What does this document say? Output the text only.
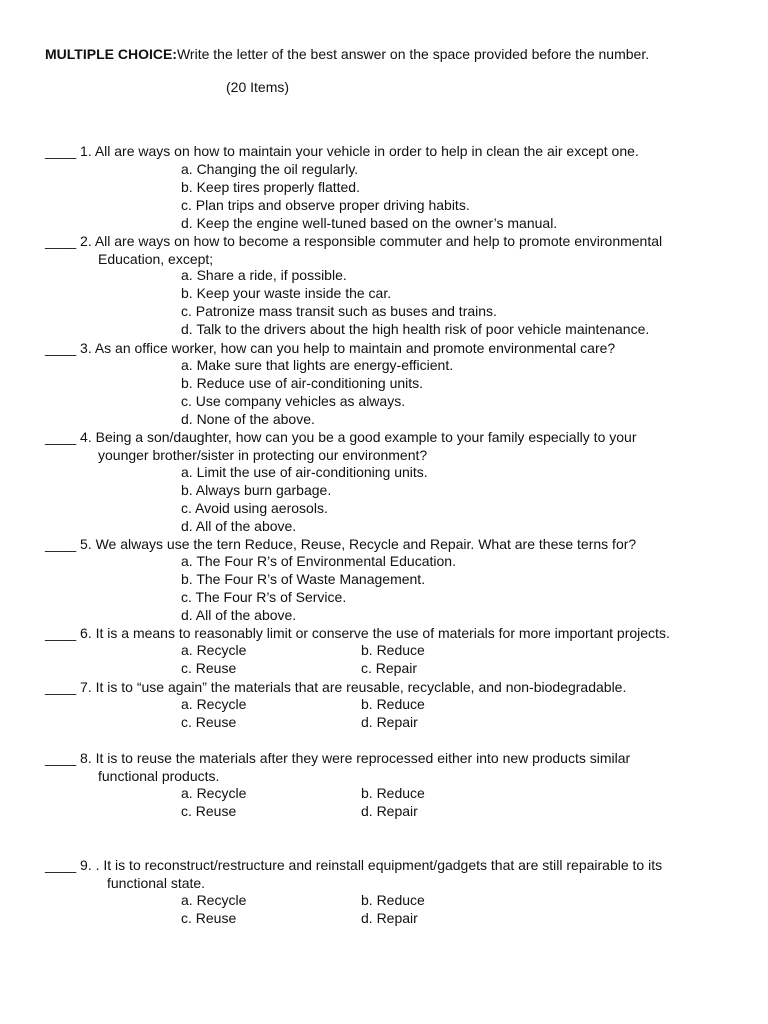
MULTIPLE CHOICE:Write the letter of the best answer on the space provided before the number.
(20 Items)
____ 1. All are ways on how to maintain your vehicle in order to help in clean the air except one.
a. Changing the oil regularly.
b. Keep tires properly flatted.
c. Plan trips and observe proper driving habits.
d. Keep the engine well-tuned based on the owner’s manual.
____ 2. All are ways on how to become a responsible commuter and help to promote environmental
Education, except;
a. Share a ride, if possible.
b. Keep your waste inside the car.
c. Patronize mass transit such as buses and trains.
d. Talk to the drivers about the high health risk of poor vehicle maintenance.
____ 3. As an office worker, how can you help to maintain and promote environmental care?
a. Make sure that lights are energy-efficient.
b. Reduce use of air-conditioning units.
c. Use company vehicles as always.
d. None of the above.
____ 4. Being a son/daughter, how can you be a good example to your family especially to your
younger brother/sister in protecting our environment?
a. Limit the use of air-conditioning units.
b. Always burn garbage.
c. Avoid using aerosols.
d. All of the above.
____ 5. We always use the tern Reduce, Reuse, Recycle and Repair. What are these terns for?
a. The Four R’s of Environmental Education.
b. The Four R’s of Waste Management.
c. The Four R’s of Service.
d. All of the above.
____ 6. It is a means to reasonably limit or conserve the use of materials for more important projects.
a. Recycle
c. Reuse
b. Reduce
c. Repair
____ 7. It is to “use again” the materials that are reusable, recyclable, and non-biodegradable.
a. Recycle
c. Reuse
b. Reduce
d. Repair
____ 8. It is to reuse the materials after they were reprocessed either into new products similar
functional products.
a. Recycle
c. Reuse
b. Reduce
d. Repair
____ 9. . It is to reconstruct/restructure and reinstall equipment/gadgets that are still repairable to its
functional state.
a. Recycle
c. Reuse
b. Reduce
d. Repair
